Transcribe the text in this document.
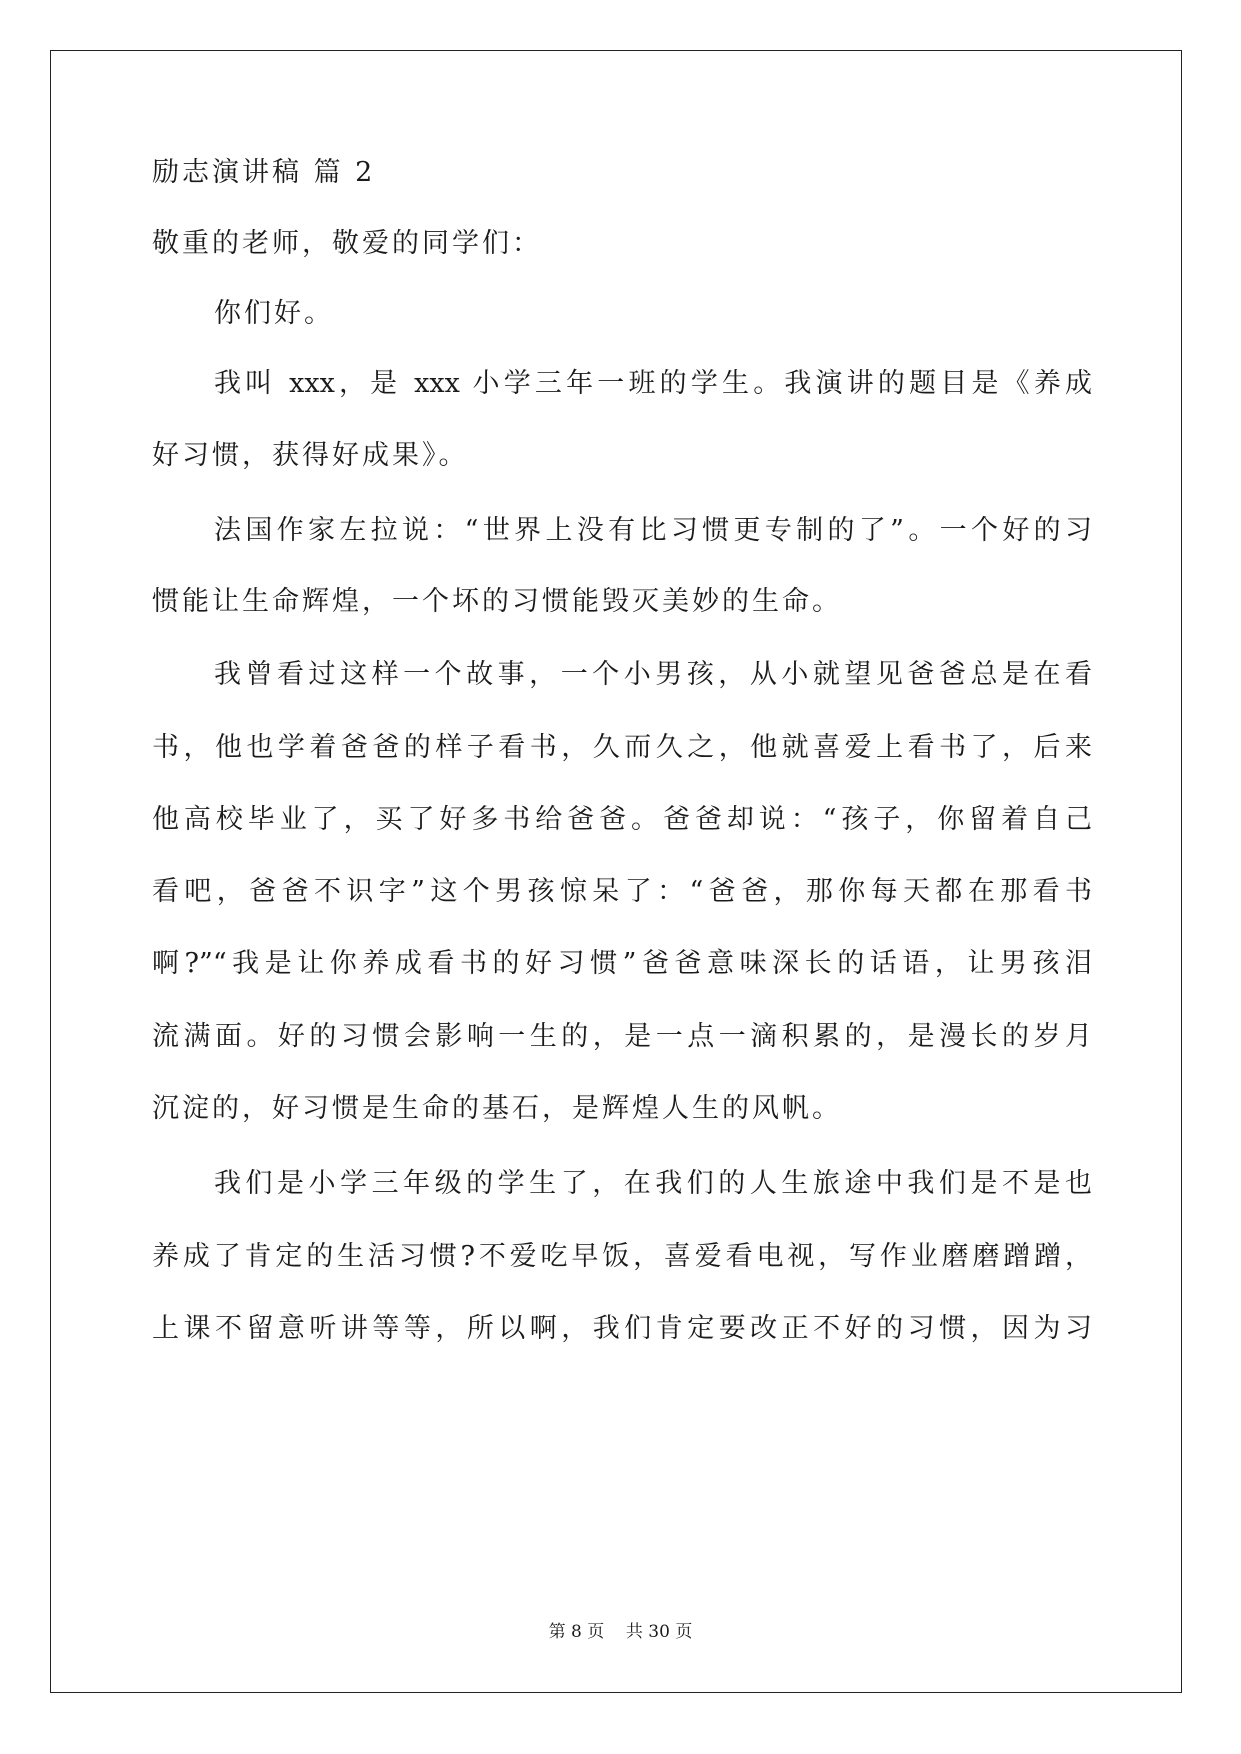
励志演讲稿 篇 2
敬重的老师，敬爱的同学们：
你们好。
我叫 xxx，是 xxx 小学三年一班的学生。我演讲的题目是《养成
好习惯，获得好成果》。
法国作家左拉说：“世界上没有比习惯更专制的了”。一个好的习
惯能让生命辉煌，一个坏的习惯能毁灭美妙的生命。
我曾看过这样一个故事，一个小男孩，从小就望见爸爸总是在看
书，他也学着爸爸的样子看书，久而久之，他就喜爱上看书了，后来
他高校毕业了，买了好多书给爸爸。爸爸却说：“孩子，你留着自己
看吧，爸爸不识字”这个男孩惊呆了：“爸爸，那你每天都在那看书
啊?”“我是让你养成看书的好习惯”爸爸意味深长的话语，让男孩泪
流满面。好的习惯会影响一生的，是一点一滴积累的，是漫长的岁月
沉淀的，好习惯是生命的基石，是辉煌人生的风帆。
我们是小学三年级的学生了，在我们的人生旅途中我们是不是也
养成了肯定的生活习惯?不爱吃早饭，喜爱看电视，写作业磨磨蹭蹭，
上课不留意听讲等等，所以啊，我们肯定要改正不好的习惯，因为习
第 8 页    共 30 页
